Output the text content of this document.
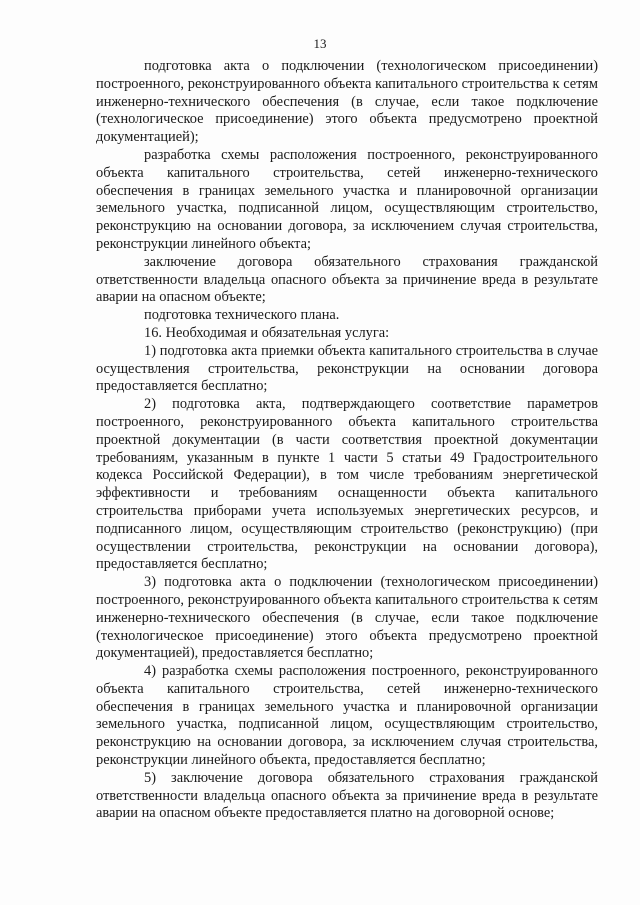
13

подготовка акта о подключении (технологическом присоединении) построенного, реконструированного объекта капитального строительства к сетям инженерно-технического обеспечения (в случае, если такое подключение (технологическое присоединение) этого объекта предусмотрено проектной документацией);

разработка схемы расположения построенного, реконструированного объекта капитального строительства, сетей инженерно-технического обеспечения в границах земельного участка и планировочной организации земельного участка, подписанной лицом, осуществляющим строительство, реконструкцию на основании договора, за исключением случая строительства, реконструкции линейного объекта;

заключение договора обязательного страхования гражданской ответственности владельца опасного объекта за причинение вреда в результате аварии на опасном объекте;

подготовка технического плана.

16. Необходимая и обязательная услуга:

1) подготовка акта приемки объекта капитального строительства в случае осуществления строительства, реконструкции на основании договора предоставляется бесплатно;

2) подготовка акта, подтверждающего соответствие параметров построенного, реконструированного объекта капитального строительства проектной документации (в части соответствия проектной документации требованиям, указанным в пункте 1 части 5 статьи 49 Градостроительного кодекса Российской Федерации), в том числе требованиям энергетической эффективности и требованиям оснащенности объекта капитального строительства приборами учета используемых энергетических ресурсов, и подписанного лицом, осуществляющим строительство (реконструкцию) (при осуществлении строительства, реконструкции на основании договора), предоставляется бесплатно;

3) подготовка акта о подключении (технологическом присоединении) построенного, реконструированного объекта капитального строительства к сетям инженерно-технического обеспечения (в случае, если такое подключение (технологическое присоединение) этого объекта предусмотрено проектной документацией), предоставляется бесплатно;

4) разработка схемы расположения построенного, реконструированного объекта капитального строительства, сетей инженерно-технического обеспечения в границах земельного участка и планировочной организации земельного участка, подписанной лицом, осуществляющим строительство, реконструкцию на основании договора, за исключением случая строительства, реконструкции линейного объекта, предоставляется бесплатно;

5) заключение договора обязательного страхования гражданской ответственности владельца опасного объекта за причинение вреда в результате аварии на опасном объекте предоставляется платно на договорной основе;
